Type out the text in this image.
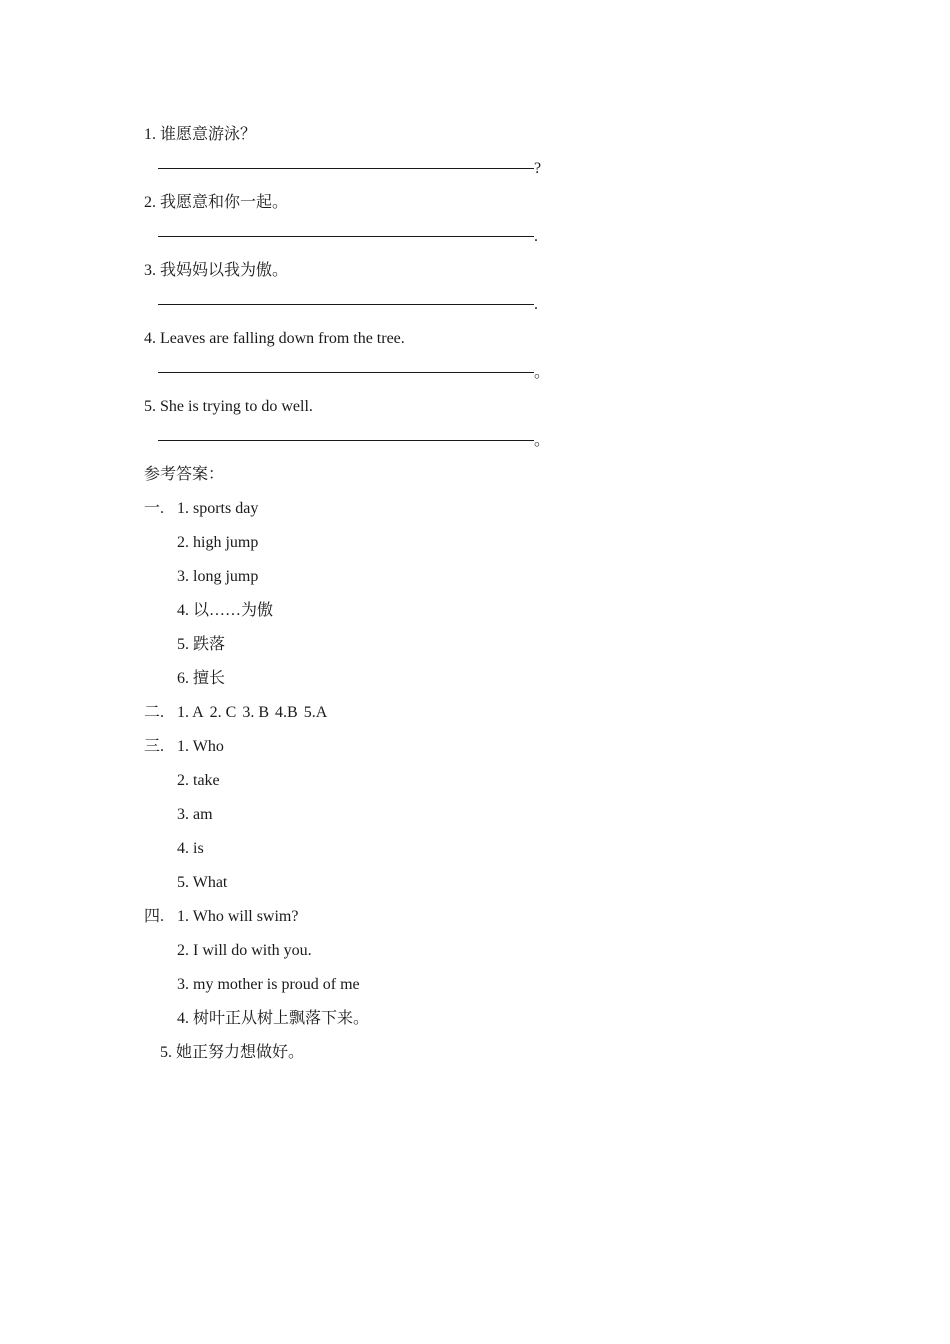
1. 谁愿意游泳？
?
2. 我愿意和你一起。
.
3. 我妈妈以我为傲。
.
4. Leaves are falling down from the tree.
。
5. She is trying to do well.
。
参考答案：
一. 1. sports day
2. high jump
3. long jump
4. 以……为傲
5. 跌落
6. 擅长
二. 1. A 2. C 3. B 4.B 5.A
三. 1. Who
2. take
3. am
4. is
5. What
四. 1. Who will swim?
2. I will do with you.
3. my mother is proud of me
4. 树叶正从树上飘落下来。
5. 她正努力想做好。
